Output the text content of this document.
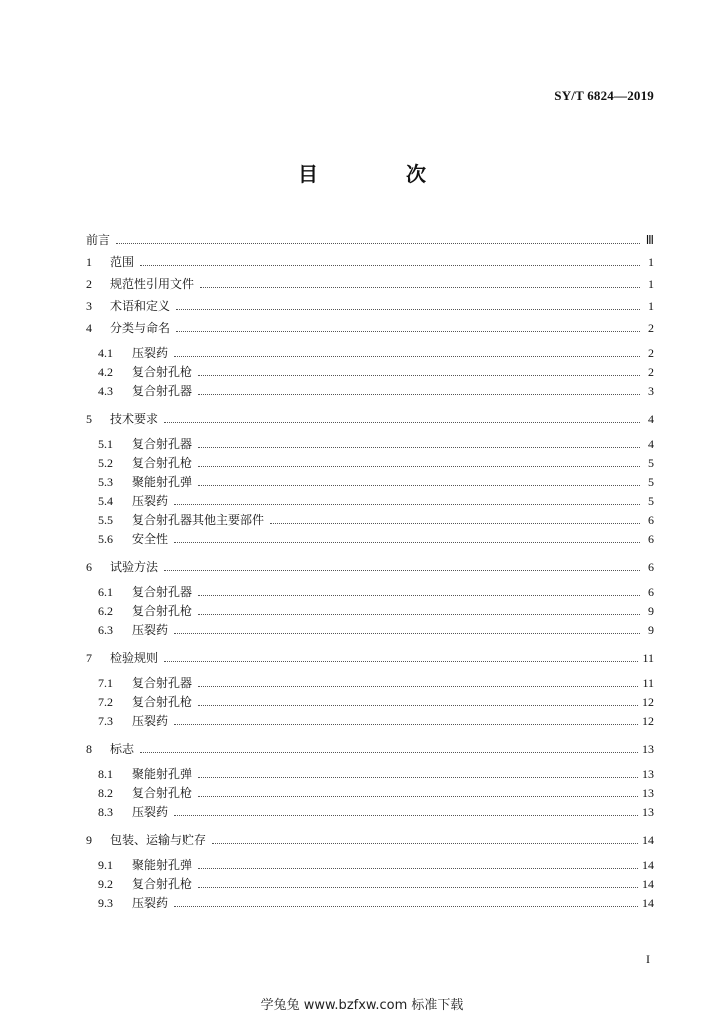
SY/T 6824—2019
目　次
前言	Ⅲ
1	范围	1
2	规范性引用文件	1
3	术语和定义	1
4	分类与命名	2
4.1	压裂药	2
4.2	复合射孔枪	2
4.3	复合射孔器	3
5	技术要求	4
5.1	复合射孔器	4
5.2	复合射孔枪	5
5.3	聚能射孔弹	5
5.4	压裂药	5
5.5	复合射孔器其他主要部件	6
5.6	安全性	6
6	试验方法	6
6.1	复合射孔器	6
6.2	复合射孔枪	9
6.3	压裂药	9
7	检验规则	11
7.1	复合射孔器	11
7.2	复合射孔枪	12
7.3	压裂药	12
8	标志	13
8.1	聚能射孔弹	13
8.2	复合射孔枪	13
8.3	压裂药	13
9	包装、运输与贮存	14
9.1	聚能射孔弹	14
9.2	复合射孔枪	14
9.3	压裂药	14
I
学兔兔 www.bzfxw.com 标准下载
